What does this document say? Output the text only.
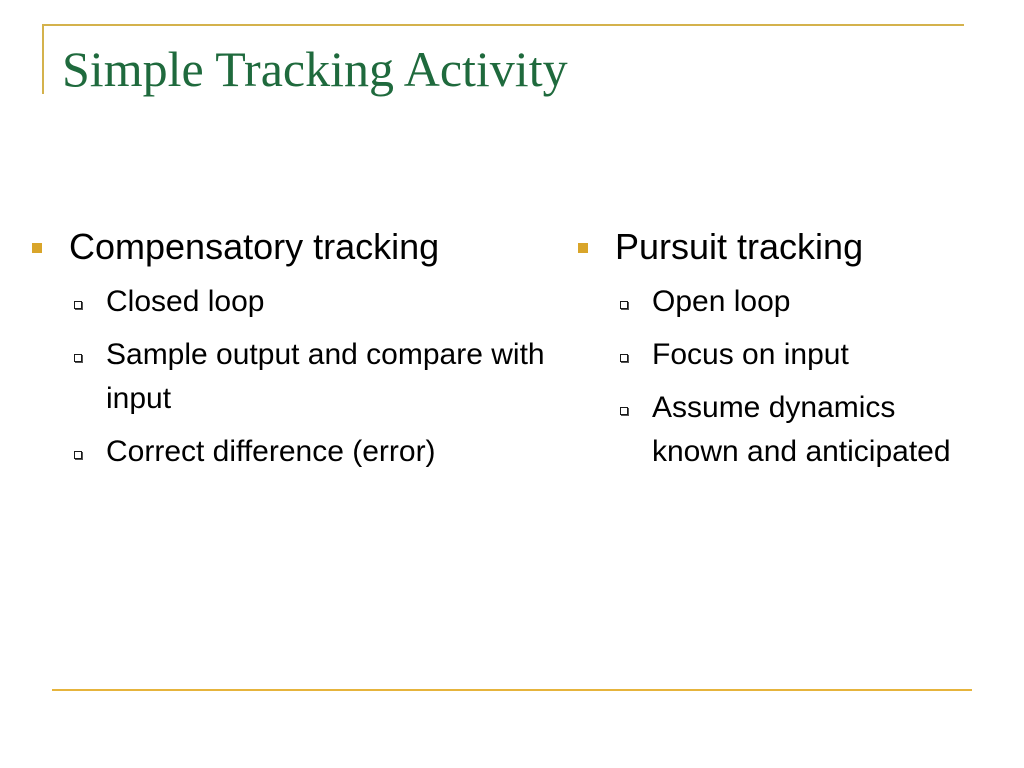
Simple Tracking Activity
Compensatory tracking
Closed loop
Sample output and compare with input
Correct difference (error)
Pursuit tracking
Open loop
Focus on input
Assume dynamics known and anticipated
